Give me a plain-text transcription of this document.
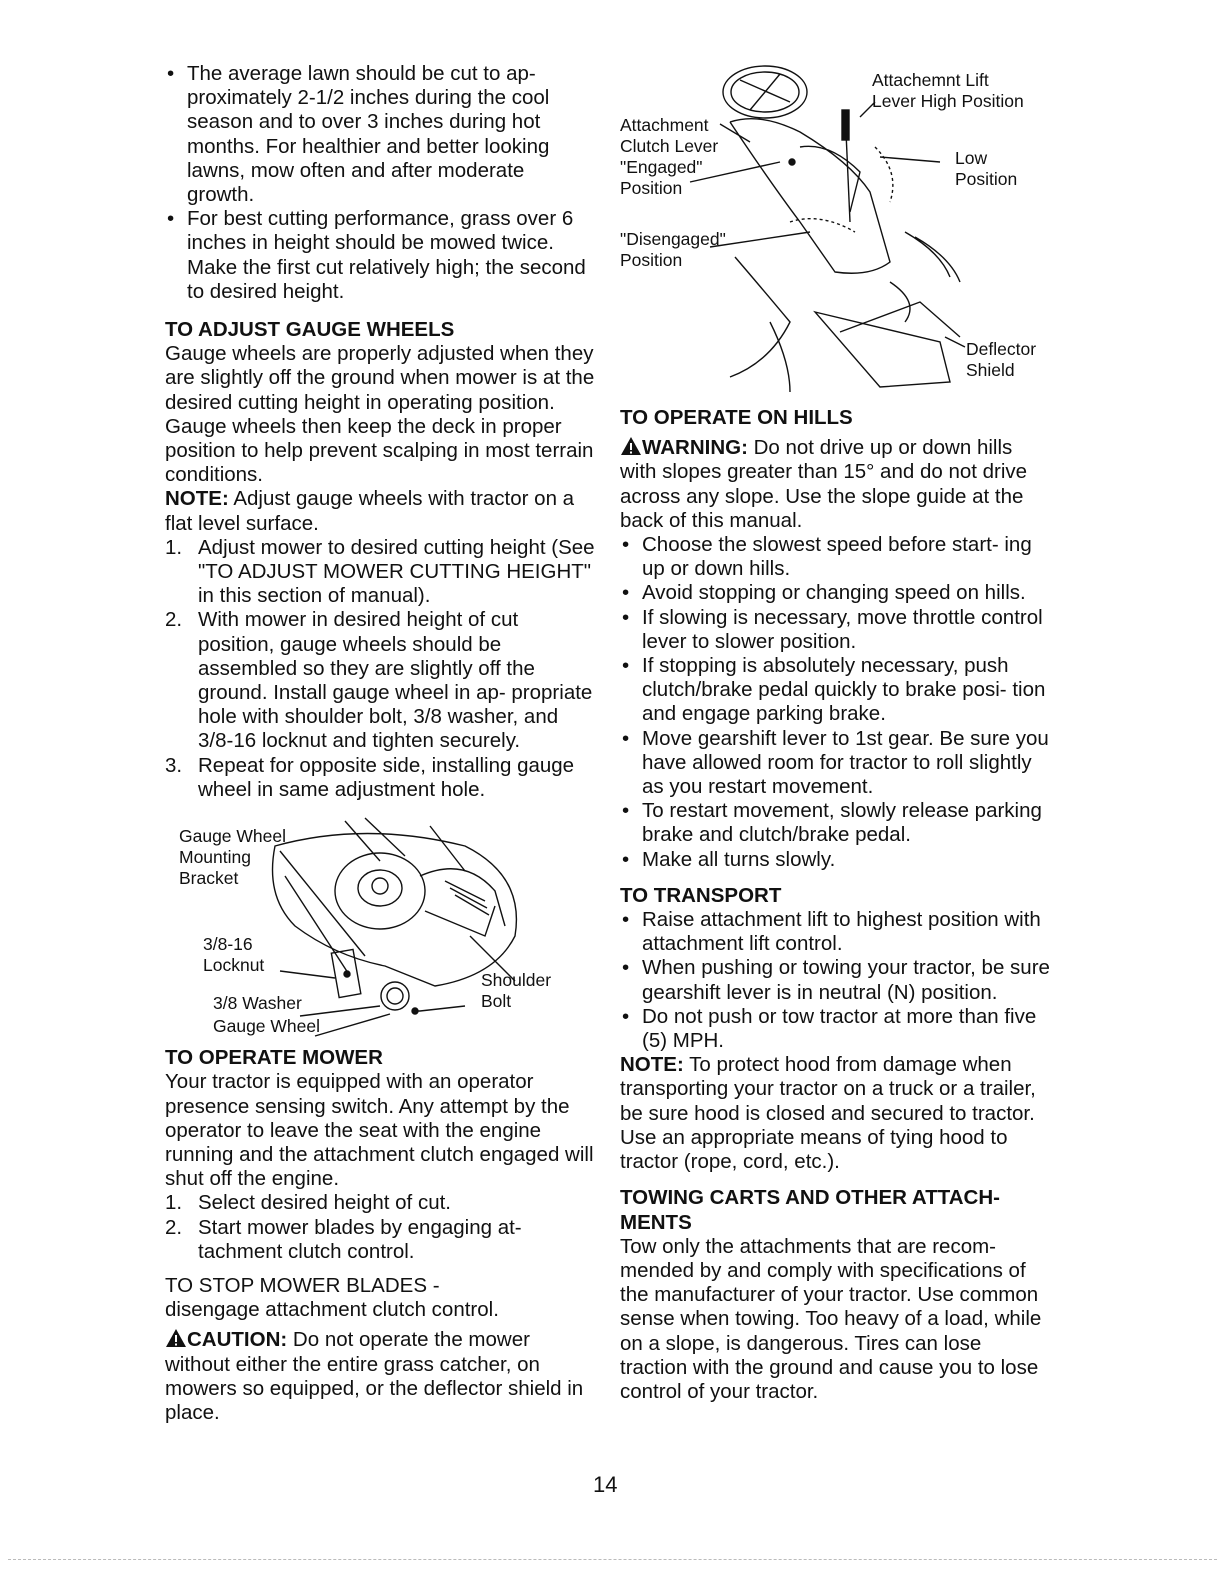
• The average lawn should be cut to ap- proximately 2-1/2 inches during the cool season and to over 3 inches during hot months. For healthier and better looking lawns, mow often and after moderate growth.
• For best cutting performance, grass over 6 inches in height should be mowed twice. Make the first cut relatively high; the second to desired height.

TO ADJUST GAUGE WHEELS

Gauge wheels are properly adjusted when they are slightly off the ground when mower is at the desired cutting height in operating position. Gauge wheels then keep the deck in proper position to help prevent scalping in most terrain conditions.

NOTE: Adjust gauge wheels with tractor on a flat level surface.

1. Adjust mower to desired cutting height (See "TO ADJUST MOWER CUTTING HEIGHT" in this section of manual).
2. With mower in desired height of cut position, gauge wheels should be assembled so they are slightly off the ground. Install gauge wheel in ap- propriate hole with shoulder bolt, 3/8 washer, and 3/8-16 locknut and tighten securely.
3. Repeat for opposite side, installing gauge wheel in same adjustment hole.
Gauge Wheel
Mounting
Bracket
3/8-16
Locknut
3/8 Washer
Gauge Wheel
Shoulder
Bolt

TO OPERATE MOWER

Your tractor is equipped with an operator presence sensing switch. Any attempt by the operator to leave the seat with the engine running and the attachment clutch engaged will shut off the engine.

1. Select desired height of cut.
2. Start mower blades by engaging at- tachment clutch control.

TO STOP MOWER BLADES -

disengage attachment clutch control.

CAUTION: Do not operate the mower without either the entire grass catcher, on mowers so equipped, or the deflector shield in place.

Attachemnt Lift
Lever High Position
Attachment
Clutch Lever
"Engaged"
Position
Low
Position
"Disengaged"
Position
Deflector
Shield

TO OPERATE ON HILLS

WARNING: Do not drive up or down hills with slopes greater than 15° and do not drive across any slope. Use the slope guide at the back of this manual.

• Choose the slowest speed before start- ing up or down hills.
• Avoid stopping or changing speed on hills.
• If slowing is necessary, move throttle control lever to slower position.
• If stopping is absolutely necessary, push clutch/brake pedal quickly to brake posi- tion and engage parking brake.
• Move gearshift lever to 1st gear. Be sure you have allowed room for tractor to roll slightly as you restart movement.
• To restart movement, slowly release parking brake and clutch/brake pedal.
• Make all turns slowly.

TO TRANSPORT

• Raise attachment lift to highest position with attachment lift control.
• When pushing or towing your tractor, be sure gearshift lever is in neutral (N) position.
• Do not push or tow tractor at more than five (5) MPH.

NOTE: To protect hood from damage when transporting your tractor on a truck or a trailer, be sure hood is closed and secured to tractor. Use an appropriate means of tying hood to tractor (rope, cord, etc.).

TOWING CARTS AND OTHER ATTACH- MENTS

Tow only the attachments that are recom- mended by and comply with specifications of the manufacturer of your tractor. Use common sense when towing. Too heavy of a load, while on a slope, is dangerous. Tires can lose traction with the ground and cause you to lose control of your tractor.

14
